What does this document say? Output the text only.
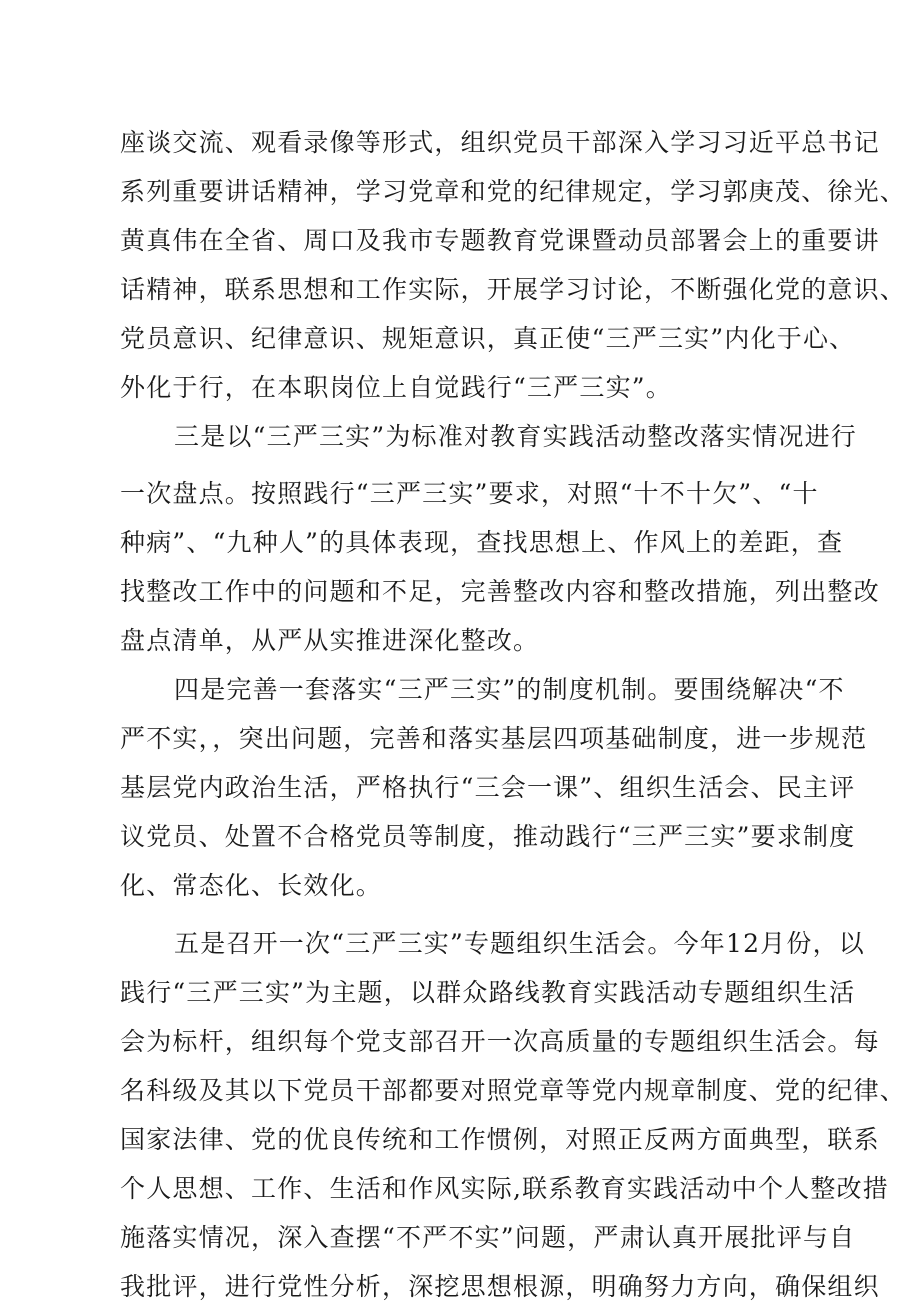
座谈交流、观看录像等形式，组织党员干部深入学习习近平总书记
系列重要讲话精神，学习党章和党的纪律规定，学习郭庚茂、徐光、
黄真伟在全省、周口及我市专题教育党课暨动员部署会上的重要讲
话精神，联系思想和工作实际，开展学习讨论，不断强化党的意识、
党员意识、纪律意识、规矩意识，真正使“三严三实”内化于心、
外化于行，在本职岗位上自觉践行“三严三实”。
三是以“三严三实”为标准对教育实践活动整改落实情况进行
一次盘点。按照践行“三严三实”要求，对照“十不十欠”、“十
种病”、“九种人”的具体表现，查找思想上、作风上的差距，查
找整改工作中的问题和不足，完善整改内容和整改措施，列出整改
盘点清单，从严从实推进深化整改。
四是完善一套落实“三严三实”的制度机制。要围绕解决“不
严不实，，突出问题，完善和落实基层四项基础制度，进一步规范
基层党内政治生活，严格执行“三会一课”、组织生活会、民主评
议党员、处置不合格党员等制度，推动践行“三严三实”要求制度
化、常态化、长效化。
五是召开一次“三严三实”专题组织生活会。今年12月份，以
践行“三严三实”为主题，以群众路线教育实践活动专题组织生活
会为标杆，组织每个党支部召开一次高质量的专题组织生活会。每
名科级及其以下党员干部都要对照党章等党内规章制度、党的纪律、
国家法律、党的优良传统和工作惯例，对照正反两方面典型，联系
个人思想、工作、生活和作风实际,联系教育实践活动中个人整改措
施落实情况，深入查摆“不严不实”问题，严肃认真开展批评与自
我批评，进行党性分析，深挖思想根源，明确努力方向，确保组织
